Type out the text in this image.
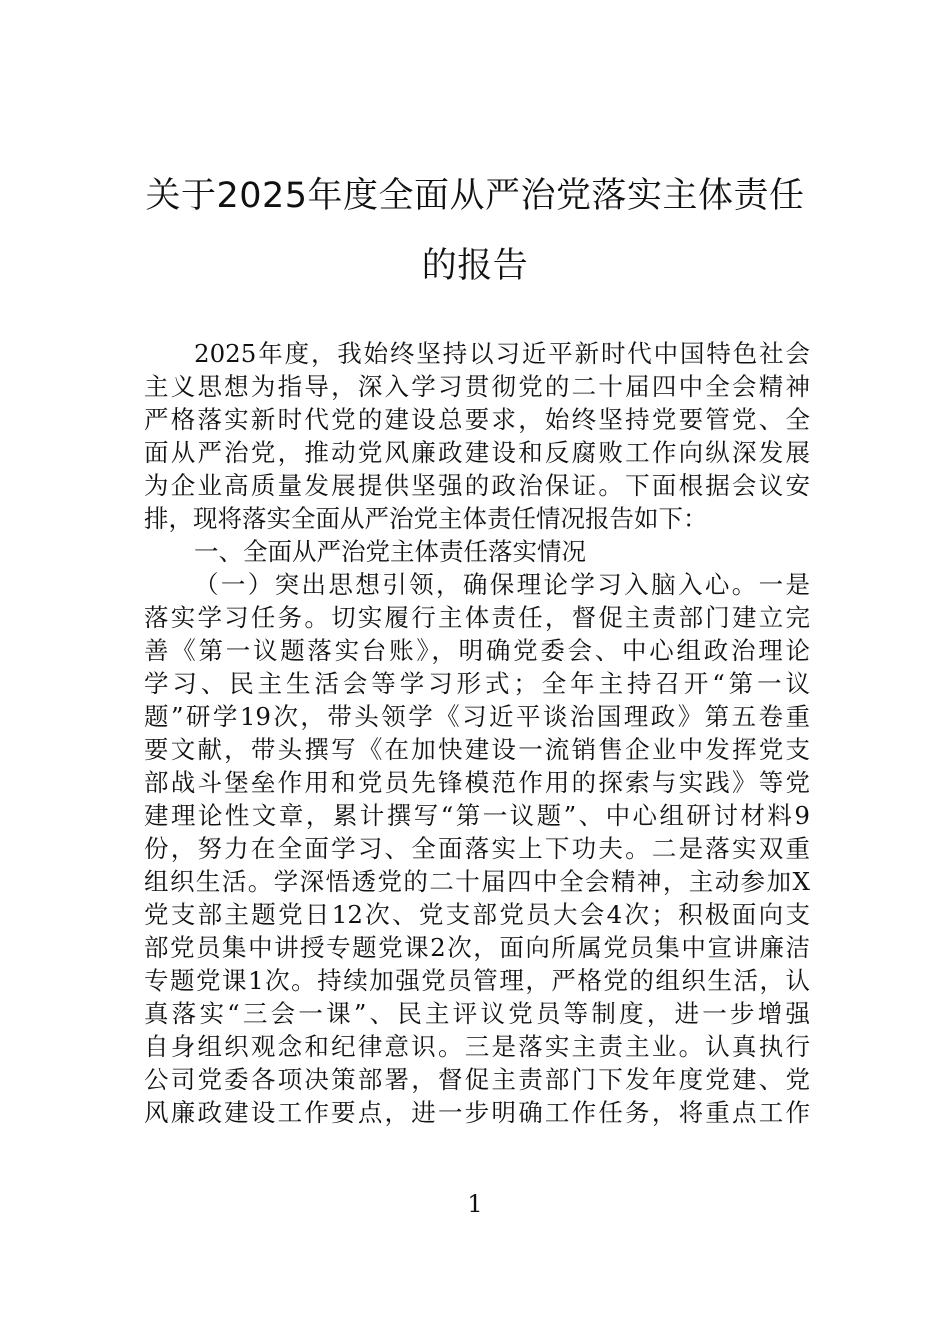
关于2025年度全面从严治党落实主体责任
的报告

2025年度，我始终坚持以习近平新时代中国特色社会

主义思想为指导，深入学习贯彻党的二十届四中全会精神

严格落实新时代党的建设总要求，始终坚持党要管党、全

面从严治党，推动党风廉政建设和反腐败工作向纵深发展

为企业高质量发展提供坚强的政治保证。下面根据会议安

排，现将落实全面从严治党主体责任情况报告如下：

一、全面从严治党主体责任落实情况

（一）突出思想引领，确保理论学习入脑入心。一是

落实学习任务。切实履行主体责任，督促主责部门建立完

善《第一议题落实台账》，明确党委会、中心组政治理论

学习、民主生活会等学习形式；全年主持召开“第一议

题”研学19次，带头领学《习近平谈治国理政》第五卷重

要文献，带头撰写《在加快建设一流销售企业中发挥党支

部战斗堡垒作用和党员先锋模范作用的探索与实践》等党

建理论性文章，累计撰写“第一议题”、中心组研讨材料9

份，努力在全面学习、全面落实上下功夫。二是落实双重

组织生活。学深悟透党的二十届四中全会精神，主动参加X

党支部主题党日12次、党支部党员大会4次；积极面向支

部党员集中讲授专题党课2次，面向所属党员集中宣讲廉洁

专题党课1次。持续加强党员管理，严格党的组织生活，认

真落实“三会一课”、民主评议党员等制度，进一步增强

自身组织观念和纪律意识。三是落实主责主业。认真执行

公司党委各项决策部署，督促主责部门下发年度党建、党

风廉政建设工作要点，进一步明确工作任务，将重点工作

1
